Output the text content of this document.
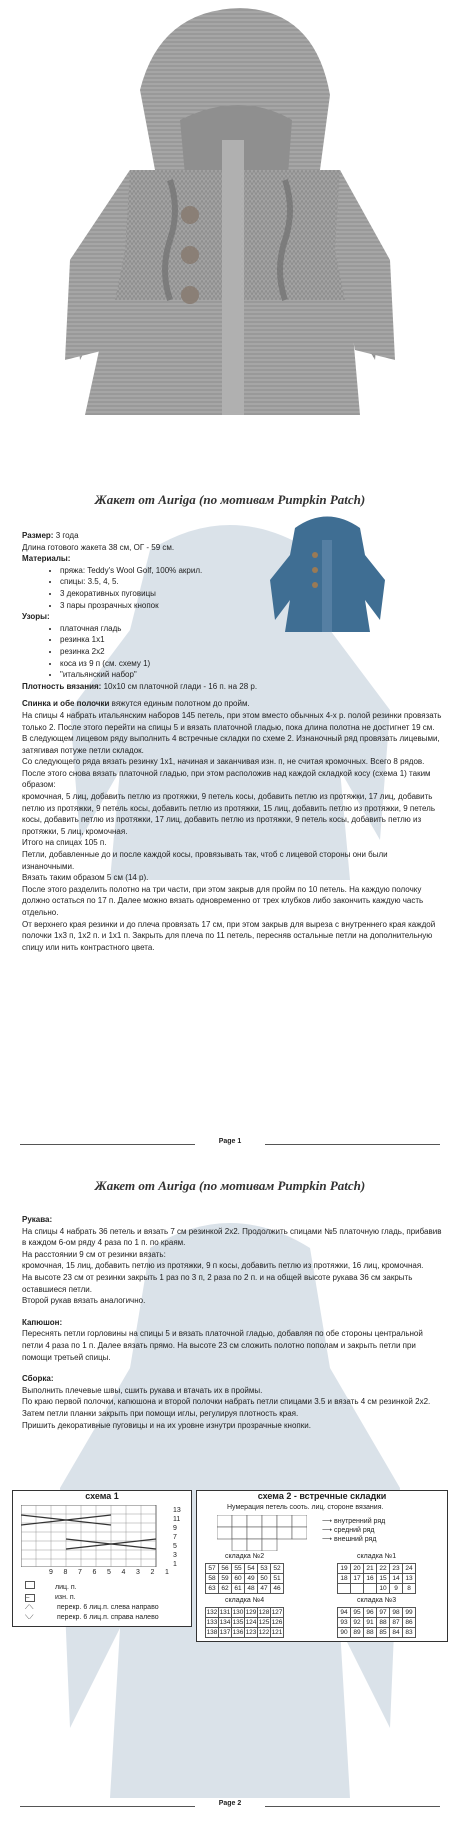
Жакет от Auriga (по мотивам Pumpkin Patch)

Размер: 3 года

Длина готового жакета 38 см, ОГ - 59 см.

Материалы:

• пряжа: Teddy's Wool Golf, 100% акрил.
• спицы: 3.5, 4, 5.
• 3 декоративных пуговицы
• 3 пары прозрачных кнопок

Узоры:

• платочная гладь
• резинка 1х1
• резинка 2х2
• коса из 9 п (см. схему 1)
• "итальянский набор"

Плотность вязания: 10х10 см платочной глади - 16 п. на 28 р.

Спинка и обе полочки вяжутся единым полотном до пройм.

На спицы 4 набрать итальянским наборов 145 петель, при этом вместо обычных 4-х р. полой резинки провязать только 2. После этого перейти на спицы 5 и вязать платочной гладью, пока длина полотна не достигнет 19 см.

В следующем лицевом ряду выполнить 4 встречные складки по схеме 2. Изнаночный ряд провязать лицевыми, затягивая потуже петли складок.

Со следующего ряда вязать резинку 1х1, начиная и заканчивая изн. п, не считая кромочных. Всего 8 рядов.

После этого снова вязать платочной гладью, при этом расположив над каждой складкой косу (схема 1) таким образом:

кромочная, 5 лиц, добавить петлю из протяжки, 9 петель косы, добавить петлю из протяжки, 17 лиц, добавить петлю из протяжки, 9 петель косы, добавить петлю из протяжки, 15 лиц, добавить петлю из протяжки, 9 петель косы, добавить петлю из протяжки, 17 лиц, добавить петлю из протяжки, 9 петель косы, добавить петлю из протяжки, 5 лиц, кромочная.

Итого на спицах 105 п.

Петли, добавленные до и после каждой косы, провязывать так, чтоб с лицевой стороны они были изнаночными.

Вязать таким образом 5 см (14 р).

После этого разделить полотно на три части, при этом закрыв для пройм по 10 петель. На каждую полочку должно остаться по 17 п. Далее можно вязать одновременно от трех клубков либо закончить каждую часть отдельно.

От верхнего края резинки и до плеча провязать 17 см, при этом закрыв для выреза с внутреннего края каждой полочки 1х3 п, 1х2 п. и 1х1 п. Закрыть для плеча по 11 петель, пересняв остальные петли на дополнительную спицу или нить контрастного цвета.

Page 1
Жакет от Auriga (по мотивам Pumpkin Patch)

Рукава:

На спицы 4 набрать 36 петель и вязать 7 см резинкой 2х2. Продолжить спицами №5 платочную гладь, прибавив в каждом 6-ом ряду 4 раза по 1 п. по краям.

На расстоянии 9 см от резинки вязать:

кромочная, 15 лиц, добавить петлю из протяжки, 9 п косы, добавить петлю из протяжки, 16 лиц, кромочная.

На высоте 23 см от резинки закрыть 1 раз по 3 п, 2 раза по 2 п. и на общей высоте рукава 36 см закрыть оставшиеся петли.

Второй рукав вязать аналогично.

Капюшон:

Переснять петли горловины на спицы 5 и вязать платочной гладью, добавляя по обе стороны центральной петли 4 раза по 1 п. Далее вязать прямо. На высоте 23 см сложить полотно пополам и закрыть петли при помощи третьей спицы.

Сборка:

Выполнить плечевые швы, сшить рукава и втачать их в проймы.

По краю первой полочки, капюшона и второй полочки набрать петли спицами 3.5 и вязать 4 см резинкой 2х2. Затем петли планки закрыть при помощи иглы, регулируя плотность края.

Пришить декоративные пуговицы и на их уровне изнутри прозрачные кнопки.

схема 1
13
11
9
7
5
3
1
9 8 7 6 5 4 3 2 1
лиц. п.
–	изн. п.
⟋⟍	перекр. 6 лиц.п. слева направо
⟍⟋	перекр. 6 лиц.п. справа налево
схема 2 - встречные складки
Нумерация петель сооть. лиц. стороне вязания.
⟶ внутренний ряд
⟶ средний ряд
⟶ внешний ряд
складка №2	складка №1
57	56	55	54	53	52
58	59	60	49	50	51
63	62	61	48	47	46
19	20	21	22	23	24
18	17	16	15	14	13
			10	9	8
складка №4	складка №3
132	131	130	129	128	127
133	134	135	124	125	126
138	137	136	123	122	121
94	95	96	97	98	99
93	92	91	88	87	86
90	89	88	85	84	83
Page 2
